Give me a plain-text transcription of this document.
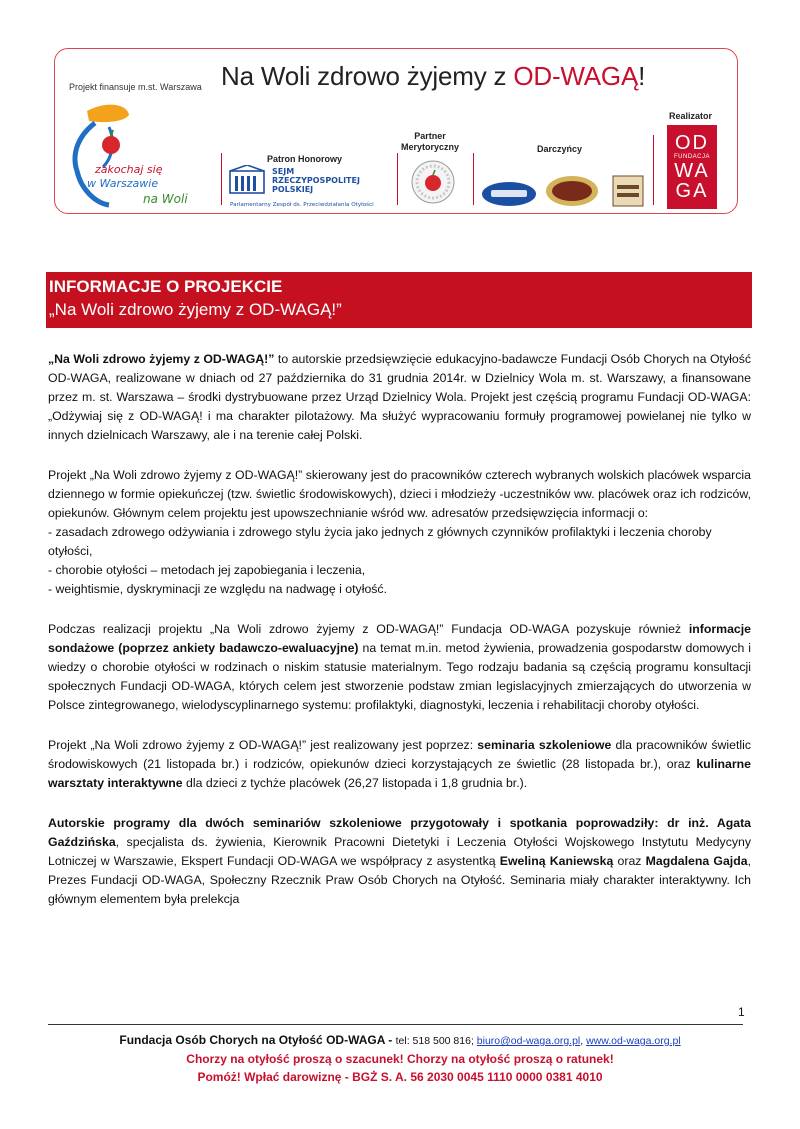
Projekt finansuje m.st. Warszawa Na Woli zdrowo żyjemy z OD-WAGĄ!
zakochaj się
w Warszawie
na Woli
Patron Honorowy
SEJM
RZECZYPOSPOLITEJ
POLSKIEJ
Parlamentarny Zespół ds. Przeciwdziałania Otyłości
Partner
Merytoryczny	Darczyńcy
Realizator
OD
FUNDACJA
WA
GA
INFORMACJE O PROJEKCIE
„Na Woli zdrowo żyjemy z OD-WAGĄ!”

„Na Woli zdrowo żyjemy z OD-WAGĄ!” to autorskie przedsięwzięcie edukacyjno-badawcze Fundacji Osób Chorych na Otyłość OD-WAGA, realizowane w dniach od 27 października do 31 grudnia 2014r. w Dzielnicy Wola m. st. Warszawy, a finansowane przez m. st. Warszawa – środki dystrybuowane przez Urząd Dzielnicy Wola. Projekt jest częścią programu Fundacji OD-WAGA: „Odżywiaj się z OD-WAGĄ! i ma charakter pilotażowy. Ma służyć wypracowaniu formuły programowej powielanej nie tylko w innych dzielnicach Warszawy, ale i na terenie całej Polski.

Projekt „Na Woli zdrowo żyjemy z OD-WAGĄ!” skierowany jest do pracowników czterech wybranych wolskich placówek wsparcia dziennego w formie opiekuńczej (tzw. świetlic środowiskowych), dzieci i młodzieży -uczestników ww. placówek oraz ich rodziców, opiekunów. Głównym celem projektu jest upowszechnianie wśród ww. adresatów przedsięwzięcia informacji o:

- zasadach zdrowego odżywiania i zdrowego stylu życia jako jednych z głównych czynników profilaktyki i leczenia choroby otyłości,
- chorobie otyłości – metodach jej zapobiegania i leczenia,
- weightismie, dyskryminacji ze względu na nadwagę i otyłość.

Podczas realizacji projektu „Na Woli zdrowo żyjemy z OD-WAGĄ!” Fundacja OD-WAGA pozyskuje również informacje sondażowe (poprzez ankiety badawczo-ewaluacyjne) na temat m.in. metod żywienia, prowadzenia gospodarstw domowych i wiedzy o chorobie otyłości w rodzinach o niskim statusie materialnym. Tego rodzaju badania są częścią programu konsultacji społecznych Fundacji OD-WAGA, których celem jest stworzenie podstaw zmian legislacyjnych zmierzających do utworzenia w Polsce zintegrowanego, wielodyscyplinarnego systemu: profilaktyki, diagnostyki, leczenia i rehabilitacji choroby otyłości.

Projekt „Na Woli zdrowo żyjemy z OD-WAGĄ!” jest realizowany jest poprzez: seminaria szkoleniowe dla pracowników świetlic środowiskowych (21 listopada br.) i rodziców, opiekunów dzieci korzystających ze świetlic (28 listopada br.), oraz kulinarne warsztaty interaktywne dla dzieci z tychże placówek (26,27 listopada i 1,8 grudnia br.).

Autorskie programy dla dwóch seminariów szkoleniowe przygotowały i spotkania poprowadziły: dr inż. Agata Gaździńska, specjalista ds. żywienia, Kierownik Pracowni Dietetyki i Leczenia Otyłości Wojskowego Instytutu Medycyny Lotniczej w Warszawie, Ekspert Fundacji OD-WAGA we współpracy z asystentką Eweliną Kaniewską oraz Magdalena Gajda, Prezes Fundacji OD-WAGA, Społeczny Rzecznik Praw Osób Chorych na Otyłość. Seminaria miały charakter interaktywny. Ich głównym elementem była prelekcja

1
Fundacja Osób Chorych na Otyłość OD-WAGA - tel: 518 500 816; biuro@od-waga.org.pl, www.od-waga.org.pl
Chorzy na otyłość proszą o szacunek! Chorzy na otyłość proszą o ratunek!
Pomóż! Wpłać darowiznę - BGŻ S. A. 56 2030 0045 1110 0000 0381 4010
